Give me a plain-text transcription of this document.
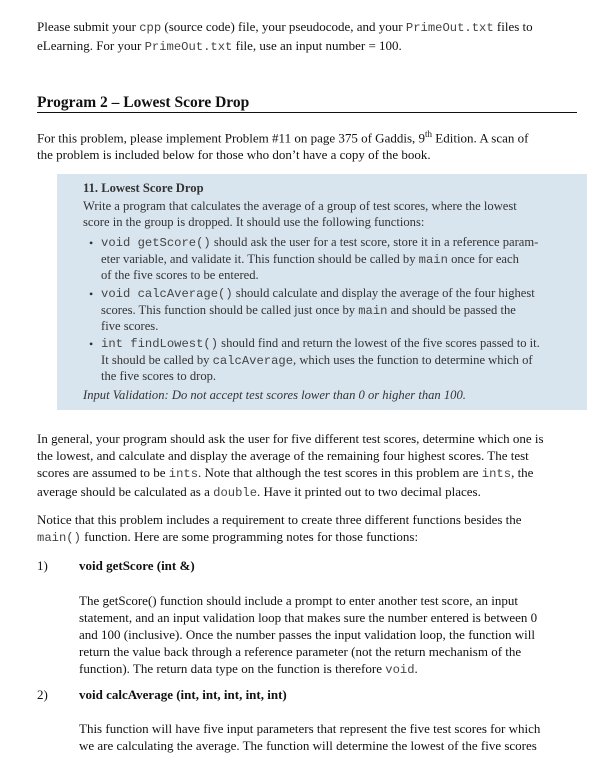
Please submit your cpp (source code) file, your pseudocode, and your PrimeOut.txt files to
eLearning. For your PrimeOut.txt file, use an input number = 100.
Program 2 – Lowest Score Drop
For this problem, please implement Problem #11 on page 375 of Gaddis, 9th Edition. A scan of
the problem is included below for those who don’t have a copy of the book.
11. Lowest Score Drop
Write a program that calculates the average of a group of test scores, where the lowest
score in the group is dropped. It should use the following functions:
• void getScore() should ask the user for a test score, store it in a reference param-
eter variable, and validate it. This function should be called by main once for each
of the five scores to be entered.
• void calcAverage() should calculate and display the average of the four highest
scores. This function should be called just once by main and should be passed the
five scores.
• int findLowest() should find and return the lowest of the five scores passed to it.
It should be called by calcAverage, which uses the function to determine which of
the five scores to drop.
Input Validation: Do not accept test scores lower than 0 or higher than 100.
In general, your program should ask the user for five different test scores, determine which one is
the lowest, and calculate and display the average of the remaining four highest scores. The test
scores are assumed to be ints. Note that although the test scores in this problem are ints, the
average should be calculated as a double. Have it printed out to two decimal places.
Notice that this problem includes a requirement to create three different functions besides the
main() function. Here are some programming notes for those functions:
1) void getScore (int &)
The getScore() function should include a prompt to enter another test score, an input
statement, and an input validation loop that makes sure the number entered is between 0
and 100 (inclusive). Once the number passes the input validation loop, the function will
return the value back through a reference parameter (not the return mechanism of the
function). The return data type on the function is therefore void.
2) void calcAverage (int, int, int, int, int)
This function will have five input parameters that represent the five test scores for which
we are calculating the average. The function will determine the lowest of the five scores
